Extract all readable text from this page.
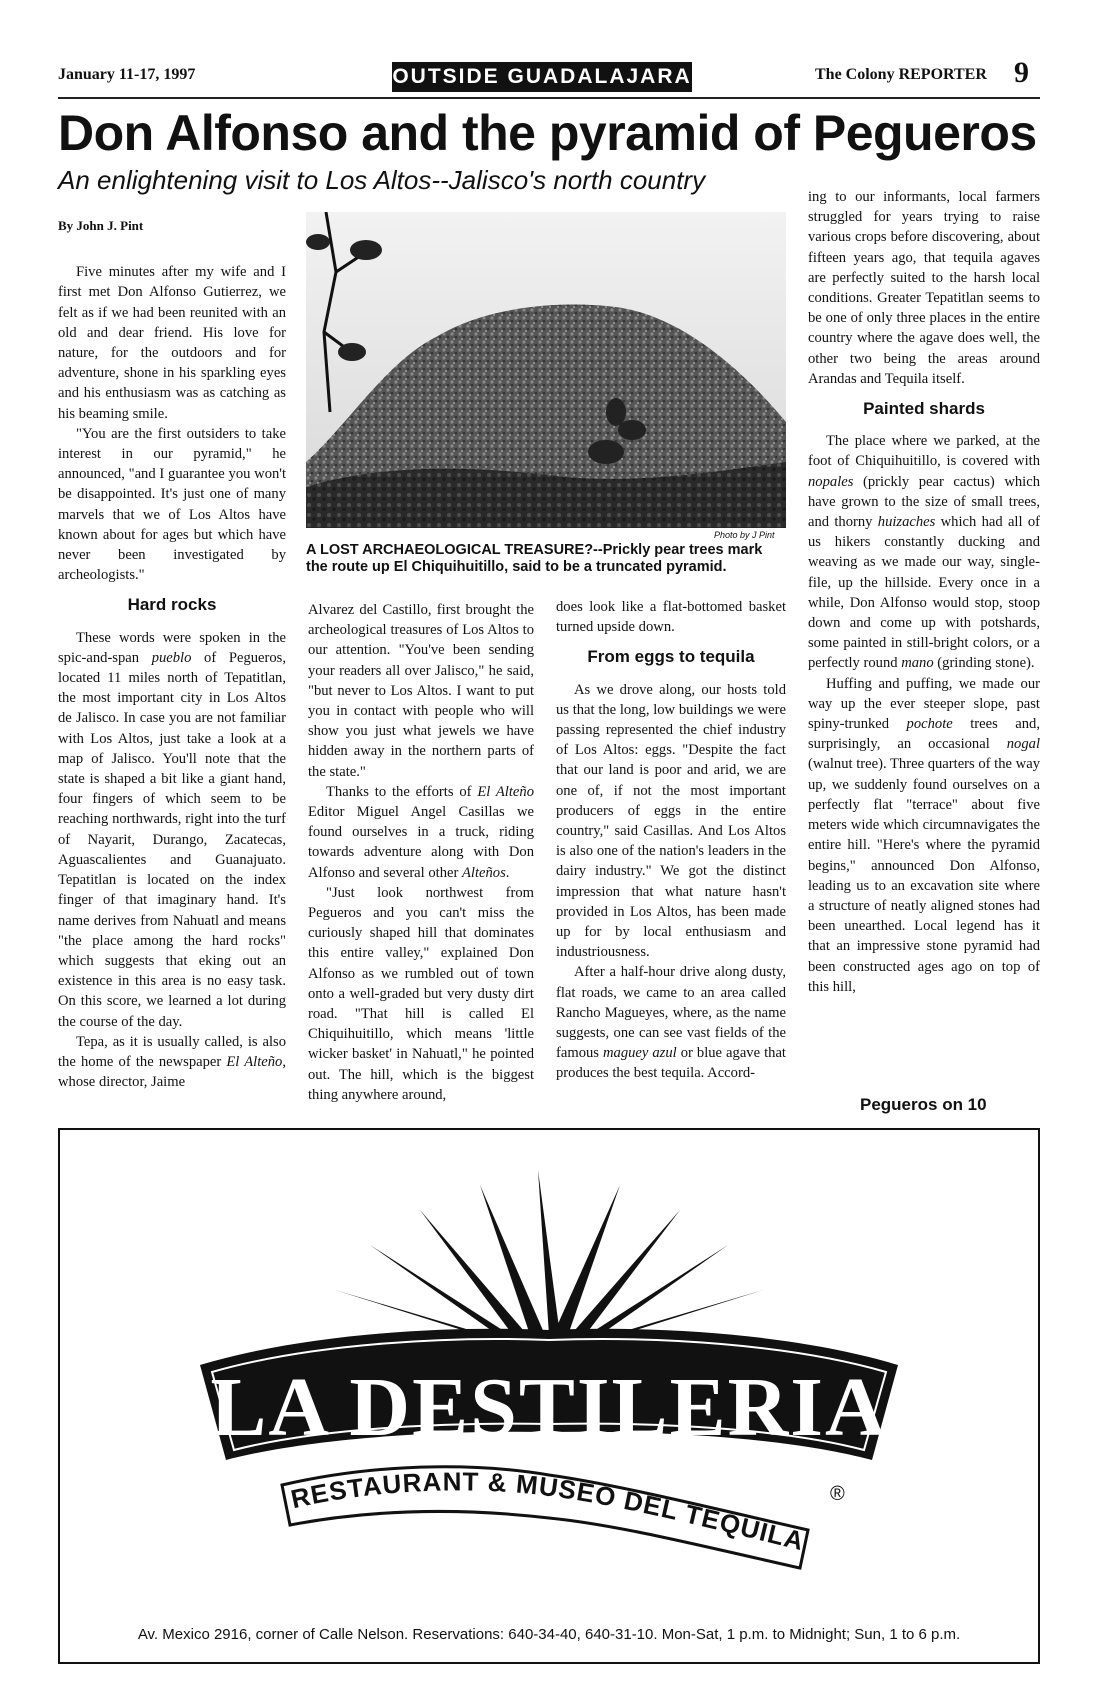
January 11-17, 1997	OUTSIDE GUADALAJARA	The Colony REPORTER 9
Don Alfonso and the pyramid of Pegueros
An enlightening visit to Los Altos--Jalisco's north country

By John J. Pint

Five minutes after my wife and I first met Don Alfonso Gutierrez, we felt as if we had been reunited with an old and dear friend. His love for nature, for the outdoors and for adventure, shone in his sparkling eyes and his enthusiasm was as catching as his beaming smile.

"You are the first outsiders to take interest in our pyramid," he announced, "and I guarantee you won't be disappointed. It's just one of many marvels that we of Los Altos have known about for ages but which have never been investigated by archeologists."

Hard rocks

These words were spoken in the spic-and-span pueblo of Pegueros, located 11 miles north of Tepatitlan, the most important city in Los Altos de Jalisco. In case you are not familiar with Los Altos, just take a look at a map of Jalisco. You'll note that the state is shaped a bit like a giant hand, four fingers of which seem to be reaching northwards, right into the turf of Nayarit, Durango, Zacatecas, Aguascalientes and Guanajuato. Tepatitlan is located on the index finger of that imaginary hand. It's name derives from Nahuatl and means "the place among the hard rocks" which suggests that eking out an existence in this area is no easy task. On this score, we learned a lot during the course of the day.

Tepa, as it is usually called, is also the home of the newspaper El Alteño, whose director, Jaime

Photo by J Pint
A LOST ARCHAEOLOGICAL TREASURE?--Prickly pear trees mark the route up El Chiquihuitillo, said to be a truncated pyramid.

Alvarez del Castillo, first brought the archeological treasures of Los Altos to our attention. "You've been sending your readers all over Jalisco," he said, "but never to Los Altos. I want to put you in contact with people who will show you just what jewels we have hidden away in the northern parts of the state."

Thanks to the efforts of El Alteño Editor Miguel Angel Casillas we found ourselves in a truck, riding towards adventure along with Don Alfonso and several other Alteños.

"Just look northwest from Pegueros and you can't miss the curiously shaped hill that dominates this entire valley," explained Don Alfonso as we rumbled out of town onto a well-graded but very dusty dirt road. "That hill is called El Chiquihuitillo, which means 'little wicker basket' in Nahuatl," he pointed out. The hill, which is the biggest thing anywhere around,

does look like a flat-bottomed basket turned upside down.

From eggs to tequila

As we drove along, our hosts told us that the long, low buildings we were passing represented the chief industry of Los Altos: eggs. "Despite the fact that our land is poor and arid, we are one of, if not the most important producers of eggs in the entire country," said Casillas. And Los Altos is also one of the nation's leaders in the dairy industry." We got the distinct impression that what nature hasn't provided in Los Altos, has been made up for by local enthusiasm and industriousness.

After a half-hour drive along dusty, flat roads, we came to an area called Rancho Magueyes, where, as the name suggests, one can see vast fields of the famous maguey azul or blue agave that produces the best tequila. Accord-

ing to our informants, local farmers struggled for years trying to raise various crops before discovering, about fifteen years ago, that tequila agaves are perfectly suited to the harsh local conditions. Greater Tepatitlan seems to be one of only three places in the entire country where the agave does well, the other two being the areas around Arandas and Tequila itself.

Painted shards

The place where we parked, at the foot of Chiquihuitillo, is covered with nopales (prickly pear cactus) which have grown to the size of small trees, and thorny huizaches which had all of us hikers constantly ducking and weaving as we made our way, single-file, up the hillside. Every once in a while, Don Alfonso would stop, stoop down and come up with potshards, some painted in still-bright colors, or a perfectly round mano (grinding stone).

Huffing and puffing, we made our way up the ever steeper slope, past spiny-trunked pochote trees and, surprisingly, an occasional nogal (walnut tree). Three quarters of the way up, we suddenly found ourselves on a perfectly flat "terrace" about five meters wide which circumnavigates the entire hill. "Here's where the pyramid begins," announced Don Alfonso, leading us to an excavation site where a structure of neatly aligned stones had been unearthed. Local legend has it that an impressive stone pyramid had been constructed ages ago on top of this hill,

Pegueros on 10
LA DESTILERIA
RESTAURANT & MUSEO DEL TEQUILA
®
Av. Mexico 2916, corner of Calle Nelson. Reservations: 640-34-40, 640-31-10. Mon-Sat, 1 p.m. to Midnight; Sun, 1 to 6 p.m.
